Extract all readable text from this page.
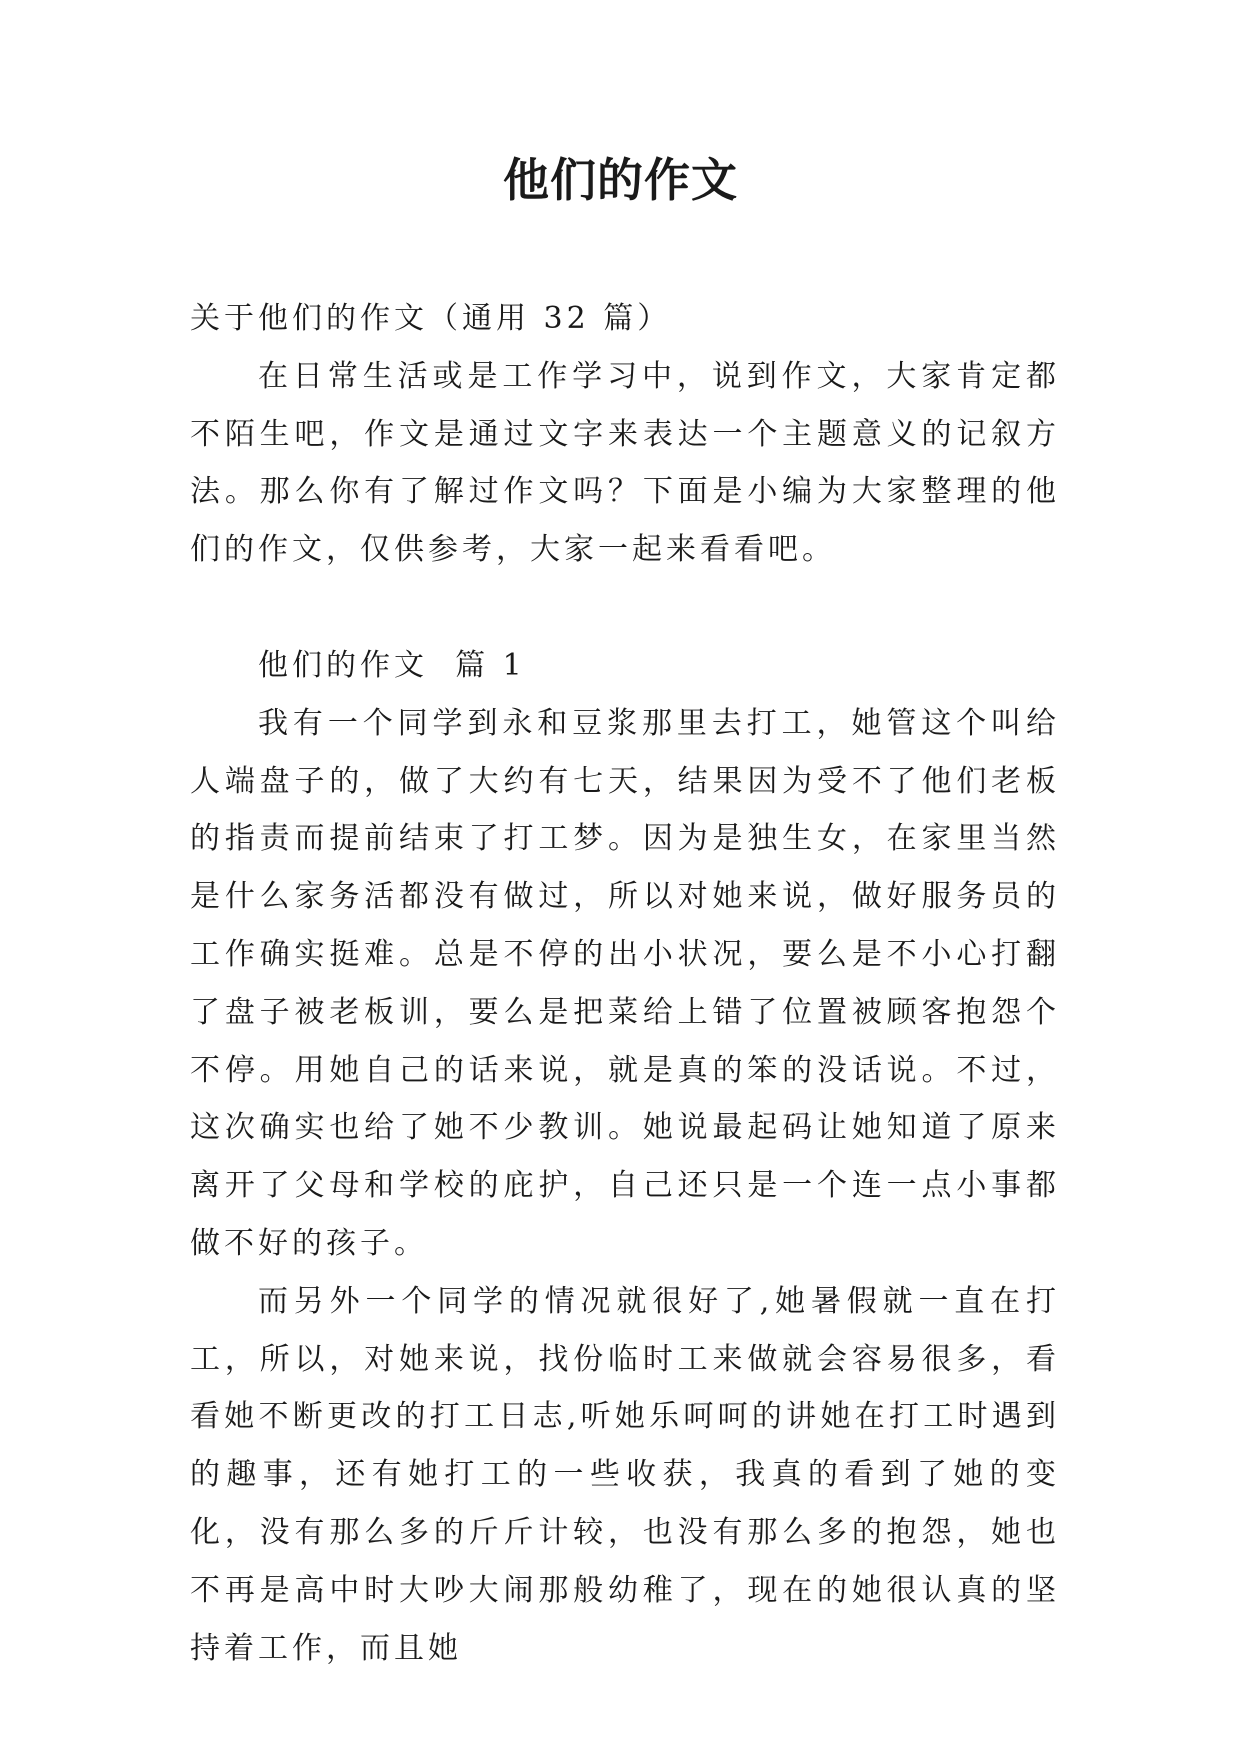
他们的作文

关于他们的作文（通用 32 篇）

在日常生活或是工作学习中，说到作文，大家肯定都不陌生吧，作文是通过文字来表达一个主题意义的记叙方法。那么你有了解过作文吗？下面是小编为大家整理的他们的作文，仅供参考，大家一起来看看吧。

他们的作文  篇 1

我有一个同学到永和豆浆那里去打工，她管这个叫给人端盘子的，做了大约有七天，结果因为受不了他们老板的指责而提前结束了打工梦。因为是独生女，在家里当然是什么家务活都没有做过，所以对她来说，做好服务员的工作确实挺难。总是不停的出小状况，要么是不小心打翻了盘子被老板训，要么是把菜给上错了位置被顾客抱怨个不停。用她自己的话来说，就是真的笨的没话说。不过，这次确实也给了她不少教训。她说最起码让她知道了原来离开了父母和学校的庇护，自己还只是一个连一点小事都做不好的孩子。

而另外一个同学的情况就很好了,她暑假就一直在打工，所以，对她来说，找份临时工来做就会容易很多，看看她不断更改的打工日志,听她乐呵呵的讲她在打工时遇到的趣事，还有她打工的一些收获，我真的看到了她的变化，没有那么多的斤斤计较，也没有那么多的抱怨，她也不再是高中时大吵大闹那般幼稚了，现在的她很认真的坚持着工作，而且她
